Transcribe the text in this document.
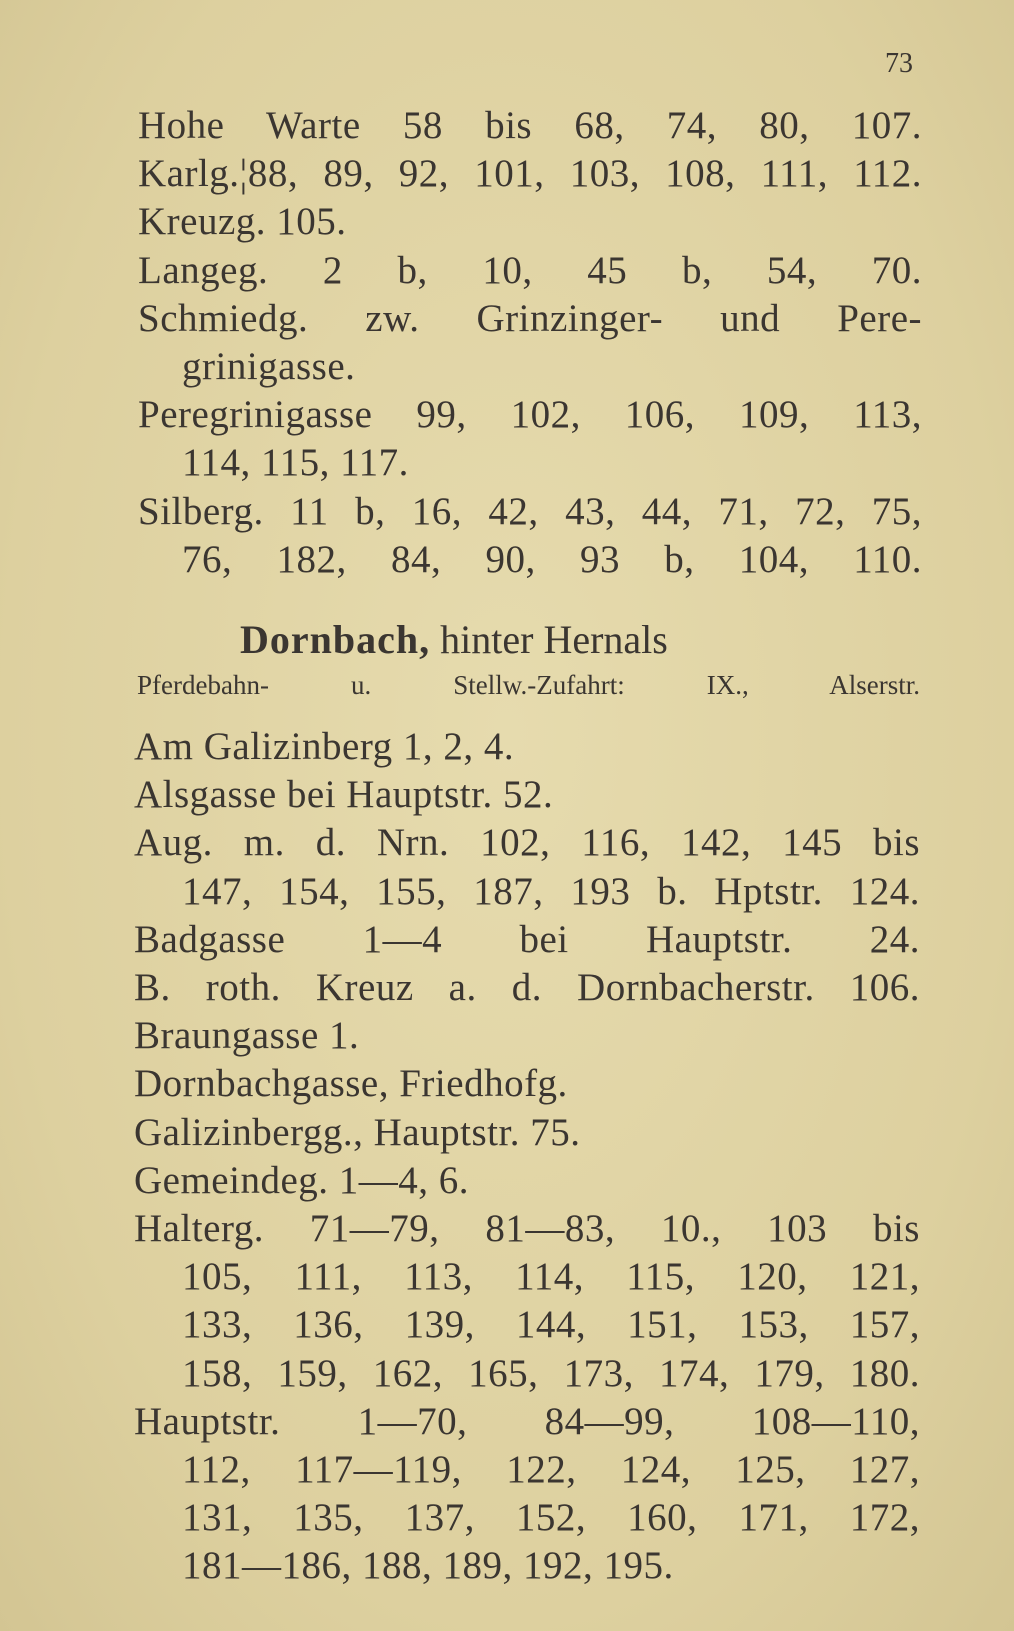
73
Hohe Warte 58 bis 68, 74, 80, 107.
Karlg.¦88, 89, 92, 101, 103, 108, 111, 112.
Kreuzg. 105.
Langeg. 2 b, 10, 45 b, 54, 70.
Schmiedg. zw. Grinzinger- und Pere-
grinigasse.
Peregrinigasse 99, 102, 106, 109, 113,
114, 115, 117.
Silberg. 11 b, 16, 42, 43, 44, 71, 72, 75,
76, 182, 84, 90, 93 b, 104, 110.
Dornbach, hinter Hernals
Pferdebahn- u. Stellw.-Zufahrt: IX., Alserstr.
Am Galizinberg 1, 2, 4.
Alsgasse bei Hauptstr. 52.
Aug. m. d. Nrn. 102, 116, 142, 145 bis
147, 154, 155, 187, 193 b. Hptstr. 124.
Badgasse 1—4 bei Hauptstr. 24.
B. roth. Kreuz a. d. Dornbacherstr. 106.
Braungasse 1.
Dornbachgasse, Friedhofg.
Galizinbergg., Hauptstr. 75.
Gemeindeg. 1—4, 6.
Halterg. 71—79, 81—83, 10., 103 bis
105, 111, 113, 114, 115, 120, 121,
133, 136, 139, 144, 151, 153, 157,
158, 159, 162, 165, 173, 174, 179, 180.
Hauptstr. 1—70, 84—99, 108—110,
112, 117—119, 122, 124, 125, 127,
131, 135, 137, 152, 160, 171, 172,
181—186, 188, 189, 192, 195.
